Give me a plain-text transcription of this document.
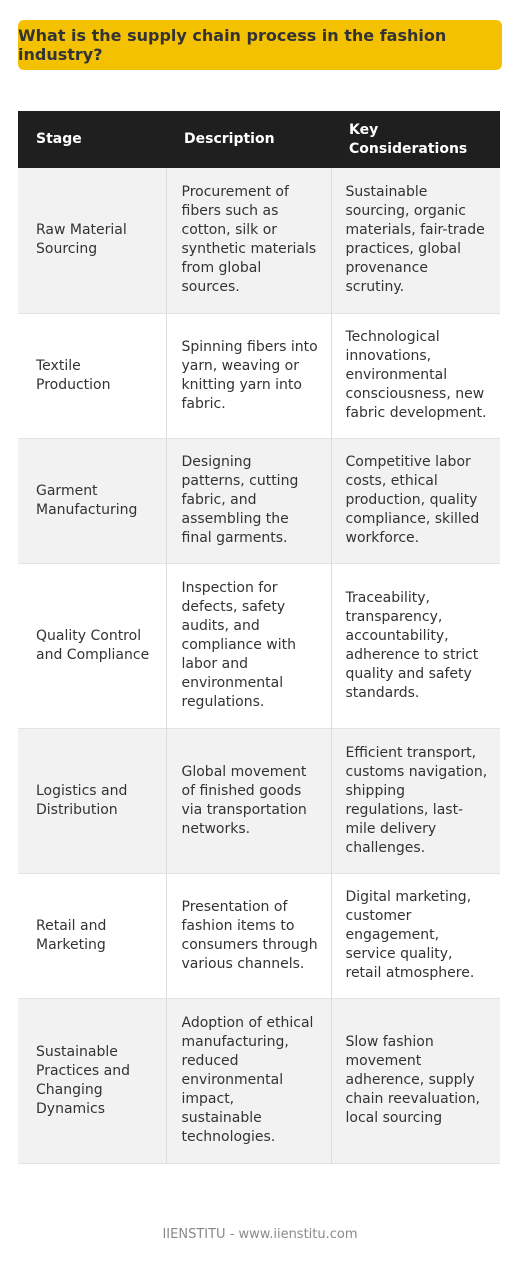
What is the supply chain process in the fashion industry?
Stage	Description	Key Considerations
Raw Material Sourcing	Procurement of fibers such as cotton, silk or synthetic materials from global sources.	Sustainable sourcing, organic materials, fair-trade practices, global provenance scrutiny.
Textile Production	Spinning fibers into yarn, weaving or knitting yarn into fabric.	Technological innovations, environmental consciousness, new fabric development.
Garment Manufacturing	Designing patterns, cutting fabric, and assembling the final garments.	Competitive labor costs, ethical production, quality compliance, skilled workforce.
Quality Control and Compliance	Inspection for defects, safety audits, and compliance with labor and environmental regulations.	Traceability, transparency, accountability, adherence to strict quality and safety standards.
Logistics and Distribution	Global movement of finished goods via transportation networks.	Efficient transport, customs navigation, shipping regulations, last-mile delivery challenges.
Retail and Marketing	Presentation of fashion items to consumers through various channels.	Digital marketing, customer engagement, service quality, retail atmosphere.
Sustainable Practices and Changing Dynamics	Adoption of ethical manufacturing, reduced environmental impact, sustainable technologies.	Slow fashion movement adherence, supply chain reevaluation, local sourcing
IIENSTITU - www.iienstitu.com
